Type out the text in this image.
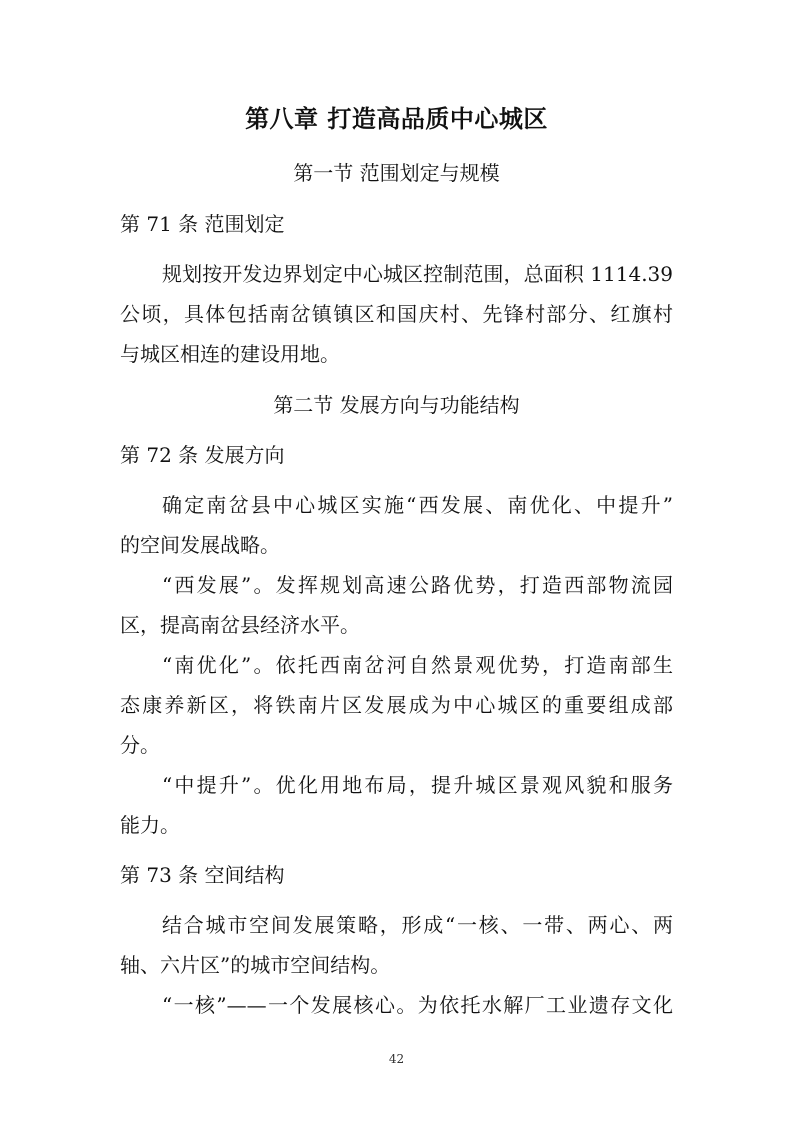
第八章 打造高品质中心城区
第一节 范围划定与规模
第 71 条 范围划定
规划按开发边界划定中心城区控制范围，总面积 1114.39
公顷，具体包括南岔镇镇区和国庆村、先锋村部分、红旗村
与城区相连的建设用地。
第二节 发展方向与功能结构
第 72 条 发展方向
确定南岔县中心城区实施“西发展、南优化、中提升”
的空间发展战略。
“西发展”。发挥规划高速公路优势，打造西部物流园
区，提高南岔县经济水平。
“南优化”。依托西南岔河自然景观优势，打造南部生
态康养新区，将铁南片区发展成为中心城区的重要组成部
分。
“中提升”。优化用地布局，提升城区景观风貌和服务
能力。
第 73 条 空间结构
结合城市空间发展策略，形成“一核、一带、两心、两
轴、六片区”的城市空间结构。
“一核”——一个发展核心。为依托水解厂工业遗存文化
42
